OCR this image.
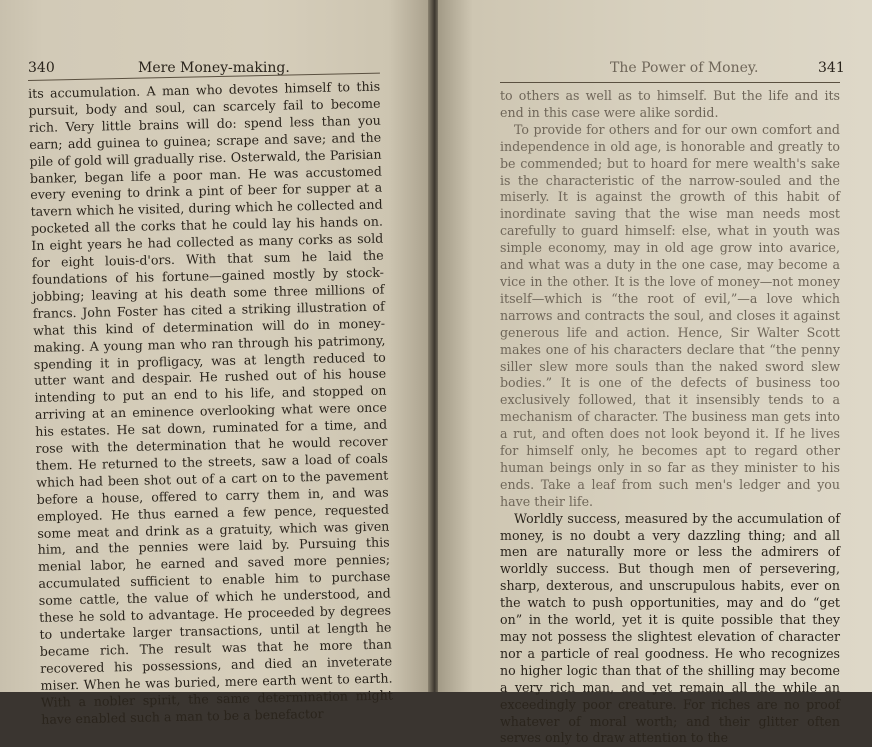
340	Mere Money-making.

its accumulation. A man who devotes himself to this pursuit, body and soul, can scarcely fail to become rich. Very little brains will do: spend less than you earn; add guinea to guinea; scrape and save; and the pile of gold will gradually rise. Osterwald, the Parisian banker, began life a poor man. He was accustomed every evening to drink a pint of beer for supper at a tavern which he visited, during which he collected and pocketed all the corks that he could lay his hands on. In eight years he had collected as many corks as sold for eight louis-d'ors. With that sum he laid the foundations of his fortune—gained mostly by stock-jobbing; leaving at his death some three millions of francs. John Foster has cited a striking illustration of what this kind of determination will do in money-making. A young man who ran through his patrimony, spending it in profligacy, was at length reduced to utter want and despair. He rushed out of his house intending to put an end to his life, and stopped on arriving at an eminence overlooking what were once his estates. He sat down, ruminated for a time, and rose with the determination that he would recover them. He returned to the streets, saw a load of coals which had been shot out of a cart on to the pavement before a house, offered to carry them in, and was employed. He thus earned a few pence, requested some meat and drink as a gratuity, which was given him, and the pennies were laid by. Pursuing this menial labor, he earned and saved more pennies; accumulated sufficient to enable him to purchase some cattle, the value of which he understood, and these he sold to advantage. He proceeded by degrees to undertake larger transactions, until at length he became rich. The result was that he more than recovered his possessions, and died an inveterate miser. When he was buried, mere earth went to earth. With a nobler spirit, the same determination might have enabled such a man to be a benefactor

The Power of Money.	341

to others as well as to himself. But the life and its end in this case were alike sordid.

To provide for others and for our own comfort and independence in old age, is honorable and greatly to be commended; but to hoard for mere wealth's sake is the characteristic of the narrow-souled and the miserly. It is against the growth of this habit of inordinate saving that the wise man needs most carefully to guard himself: else, what in youth was simple economy, may in old age grow into avarice, and what was a duty in the one case, may become a vice in the other. It is the love of money—not money itself—which is “the root of evil,”—a love which narrows and contracts the soul, and closes it against generous life and action. Hence, Sir Walter Scott makes one of his characters declare that “the penny siller slew more souls than the naked sword slew bodies.” It is one of the defects of business too exclusively followed, that it insensibly tends to a mechanism of character. The business man gets into a rut, and often does not look beyond it. If he lives for himself only, he becomes apt to regard other human beings only in so far as they minister to his ends. Take a leaf from such men's ledger and you have their life.

Worldly success, measured by the accumulation of money, is no doubt a very dazzling thing; and all men are naturally more or less the admirers of worldly success. But though men of persevering, sharp, dexterous, and unscrupulous habits, ever on the watch to push opportunities, may and do “get on” in the world, yet it is quite possible that they may not possess the slightest elevation of character nor a particle of real goodness. He who recognizes no higher logic than that of the shilling may become a very rich man, and yet remain all the while an exceedingly poor creature. For riches are no proof whatever of moral worth; and their glitter often serves only to draw attention to the
